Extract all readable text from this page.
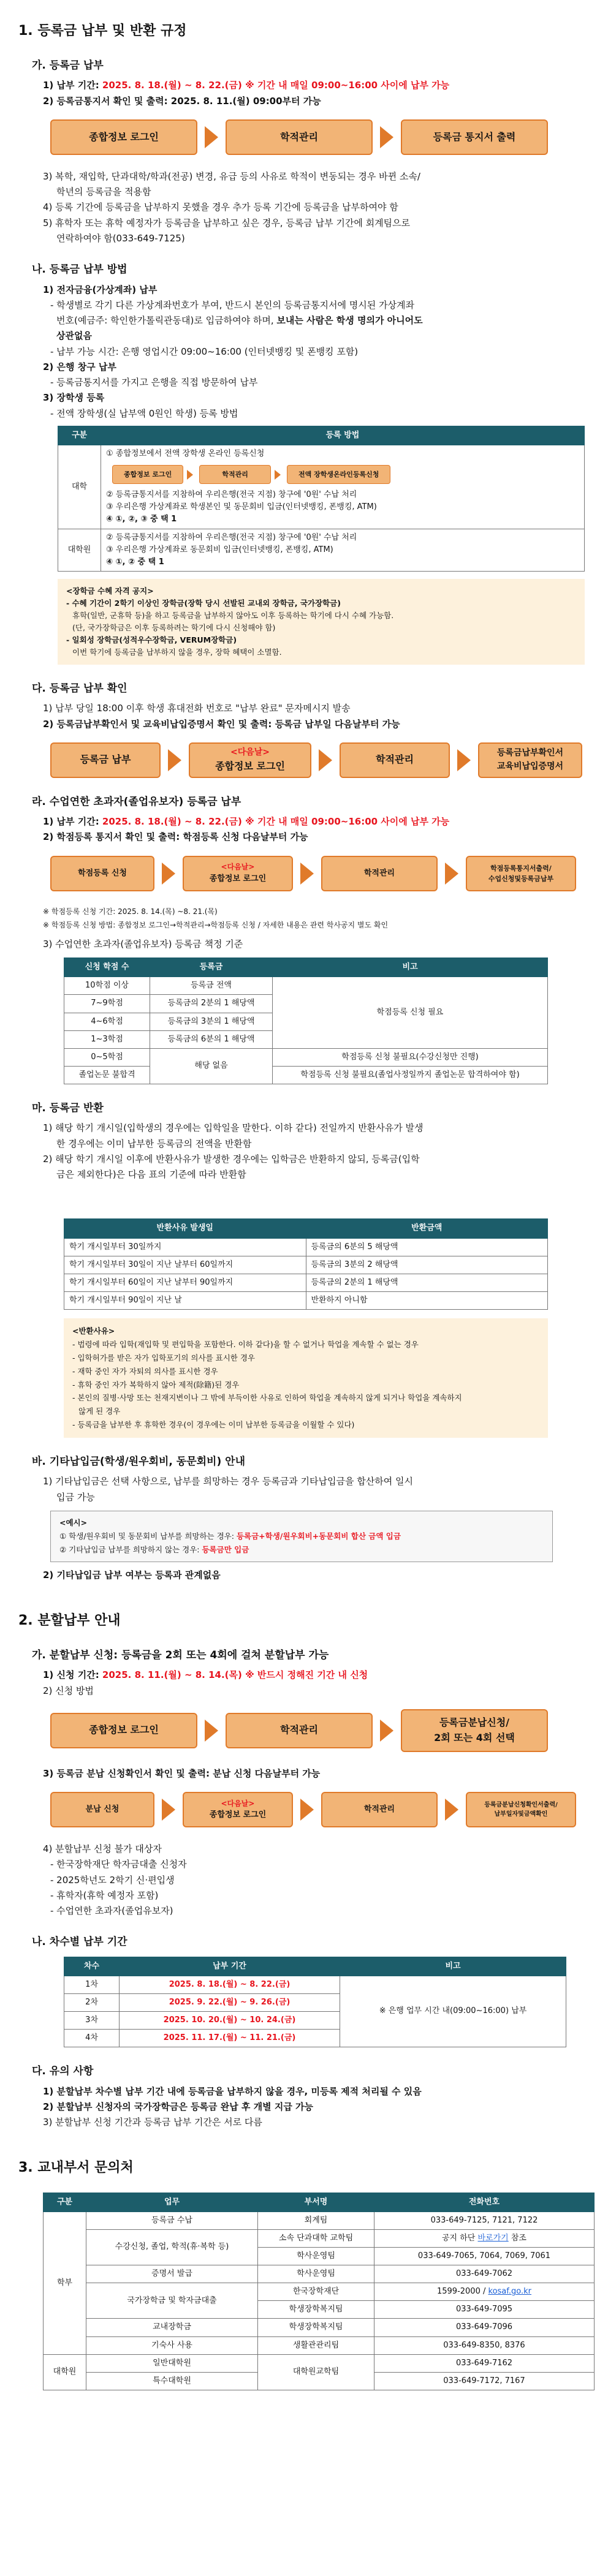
1. 등록금 납부 및 반환 규정
가. 등록금 납부
1) 납부 기간: 2025. 8. 18.(월) ~ 8. 22.(금) ※ 기간 내 매일 09:00~16:00 사이에 납부 가능
2) 등록금통지서 확인 및 출력: 2025. 8. 11.(월) 09:00부터 가능
종합정보 로그인	학적관리	등록금 통지서 출력
3) 복학, 재입학, 단과대학/학과(전공) 변경, 유급 등의 사유로 학적이 변동되는 경우 바뀐 소속/
학년의 등록금을 적용함
4) 등록 기간에 등록금을 납부하지 못했을 경우 추가 등록 기간에 등록금을 납부하여야 함
5) 휴학자 또는 휴학 예정자가 등록금을 납부하고 싶은 경우, 등록금 납부 기간에 회계팀으로
연락하여야 함(033-649-7125)
나. 등록금 납부 방법
1) 전자금융(가상계좌) 납부
- 학생별로 각기 다른 가상계좌번호가 부여, 반드시 본인의 등록금통지서에 명시된 가상계좌
번호(예금주: 학인한가톨릭관동대)로 입금하여야 하며, 보내는 사람은 학생 명의가 아니어도
상관없음
- 납부 가능 시간: 은행 영업시간 09:00~16:00 (인터넷뱅킹 및 폰뱅킹 포함)
2) 은행 창구 납부
- 등록금통지서를 가지고 은행을 직접 방문하여 납부
3) 장학생 등록
- 전액 장학생(실 납부액 0원인 학생) 등록 방법
구분	등록 방법
대학	① 종합정보에서 전액 장학생 온라인 등록신청
종합정보 로그인 학적관리 전액 장학생온라인등록신청
② 등록금통지서를 지참하여 우리은행(전국 지점) 창구에 '0원' 수납 처리
③ 우리은행 가상계좌로 학생본인 및 동문회비 입금(인터넷뱅킹, 폰뱅킹, ATM)
④ ①, ②, ③ 중 택 1

대학원	② 등록금통지서를 지참하여 우리은행(전국 지점) 창구에 '0원' 수납 처리
③ 우리은행 가상계좌로 동문회비 입금(인터넷뱅킹, 폰뱅킹, ATM)
④ ①, ② 중 택 1
<장학금 수혜 자격 공지>
- 수혜 기간이 2학기 이상인 장학금(장학 당시 선발된 교내외 장학금, 국가장학금)
휴학(일반, 군휴학 등)을 하고 등록금을 납부하지 않아도 이후 등록하는 학기에 다시 수혜 가능함.
(단, 국가장학금은 이후 등록하려는 학기에 다시 신청해야 함)
- 일회성 장학금(성적우수장학금, VERUM장학금)
이번 학기에 등록금을 납부하지 않을 경우, 장학 혜택이 소멸함.
다. 등록금 납부 확인
1) 납부 당일 18:00 이후 학생 휴대전화 번호로 "납부 완료" 문자메시지 발송
2) 등록금납부확인서 및 교육비납입증명서 확인 및 출력: 등록금 납부일 다음날부터 가능
등록금 납부
<다음날>
종합정보 로그인
학적관리
등록금납부확인서
교육비납입증명서
라. 수업연한 초과자(졸업유보자) 등록금 납부
1) 납부 기간: 2025. 8. 18.(월) ~ 8. 22.(금) ※ 기간 내 매일 09:00~16:00 사이에 납부 가능
2) 학점등록 통지서 확인 및 출력: 학점등록 신청 다음날부터 가능
학점등록 신청
<다음날>
종합정보 로그인
학적관리
학점등록통지서출력/
수업신청및등록금납부
※ 학점등록 신청 기간: 2025. 8. 14.(목) ~8. 21.(목)
※ 학점등록 신청 방법: 종합정보 로그인→학적관리→학점등록 신청 / 자세한 내용은 관련 학사공지 별도 확인
3) 수업연한 초과자(졸업유보자) 등록금 책정 기준
신청 학점 수	등록금	비고
10학점 이상	등록금 전액	학점등록 신청 필요
7~9학점	등록금의 2분의 1 해당액	
4~6학점	등록금의 3분의 1 해당액	
1~3학점	등록금의 6분의 1 해당액	
0~5학점	해당 없음	학점등록 신청 불필요(수강신청만 진행)
졸업논문 불합격		학점등록 신청 불필요(졸업사정일까지 졸업논문 합격하여야 함)
마. 등록금 반환
1) 해당 학기 개시일(입학생의 경우에는 입학일을 말한다. 이하 같다) 전일까지 반환사유가 발생
한 경우에는 이미 납부한 등록금의 전액을 반환함
2) 해당 학기 개시일 이후에 반환사유가 발생한 경우에는 입학금은 반환하지 않되, 등록금(입학
금은 제외한다)은 다음 표의 기준에 따라 반환함
반환사유 발생일	반환금액
학기 개시일부터 30일까지	등록금의 6분의 5 해당액
학기 개시일부터 30일이 지난 날부터 60일까지	등록금의 3분의 2 해당액
학기 개시일부터 60일이 지난 날부터 90일까지	등록금의 2분의 1 해당액
학기 개시일부터 90일이 지난 날	반환하지 아니함
<반환사유>
- 법령에 따라 입학(재입학 및 편입학을 포함한다. 이하 같다)을 할 수 없거나 학업을 계속할 수 없는 경우
- 입학허가를 받은 자가 입학포기의 의사를 표시한 경우
- 재학 중인 자가 자퇴의 의사를 표시한 경우
- 휴학 중인 자가 복학하지 않아 제적(除籍)된 경우
- 본인의 질병·사망 또는 천재지변이나 그 밖에 부득이한 사유로 인하여 학업을 계속하지 않게 되거나 학업을 계속하지
않게 된 경우
- 등록금을 납부한 후 휴학한 경우(이 경우에는 이미 납부한 등록금을 이월할 수 있다)
바. 기타납입금(학생/원우회비, 동문회비) 안내
1) 기타납입금은 선택 사항으로, 납부를 희망하는 경우 등록금과 기타납입금을 합산하여 일시
입금 가능
<예시>
① 학생/원우회비 및 동문회비 납부를 희망하는 경우: 등록금+학생/원우회비+동문회비 합산 금액 입금
② 기타납입금 납부를 희망하지 않는 경우: 등록금만 입금
2) 기타납입금 납부 여부는 등록과 관계없음
2. 분할납부 안내
가. 분할납부 신청: 등록금을 2회 또는 4회에 걸쳐 분할납부 가능
1) 신청 기간: 2025. 8. 11.(월) ~ 8. 14.(목) ※ 반드시 정해진 기간 내 신청
2) 신청 방법
종합정보 로그인	학적관리
등록금분납신청/
2회 또는 4회 선택
3) 등록금 분납 신청확인서 확인 및 출력: 분납 신청 다음날부터 가능
분납 신청
<다음날>
종합정보 로그인
학적관리	등록금분납신청확인서출력/
납부일자및금액확인
4) 분할납부 신청 불가 대상자
- 한국장학재단 학자금대출 신청자
- 2025학년도 2학기 신·편입생
- 휴학자(휴학 예정자 포함)
- 수업연한 초과자(졸업유보자)
나. 차수별 납부 기간
차수	납부 기간	비고
1차	2025. 8. 18.(월) ~ 8. 22.(금)	※ 은행 업무 시간 내(09:00~16:00) 납부
2차	2025. 9. 22.(월) ~ 9. 26.(금)	
3차	2025. 10. 20.(월) ~ 10. 24.(금)	
4차	2025. 11. 17.(월) ~ 11. 21.(금)	
다. 유의 사항
1) 분할납부 차수별 납부 기간 내에 등록금을 납부하지 않을 경우, 미등록 제적 처리될 수 있음
2) 분할납부 신청자의 국가장학금은 등록금 완납 후 개별 지급 가능
3) 분할납부 신청 기간과 등록금 납부 기간은 서로 다름
3. 교내부서 문의처
구분	업무	부서명	전화번호
학부	등록금 수납	회계팀	033-649-7125, 7121, 7122
	수강신청, 졸업, 학적(휴·복학 등)	소속 단과대학 교학팀	공지 하단 바로가기 참조
		학사운영팀	033-649-7065, 7064, 7069, 7061
	증명서 발급	학사운영팀	033-649-7062
	국가장학금 및 학자금대출	한국장학재단	1599-2000 / kosaf.go.kr
		학생장학복지팀	033-649-7095
	교내장학금	학생장학복지팀	033-649-7096
	기숙사 사용	생활관관리팀	033-649-8350, 8376
대학원	일반대학원	대학원교학팀	033-649-7162
	특수대학원		033-649-7172, 7167
